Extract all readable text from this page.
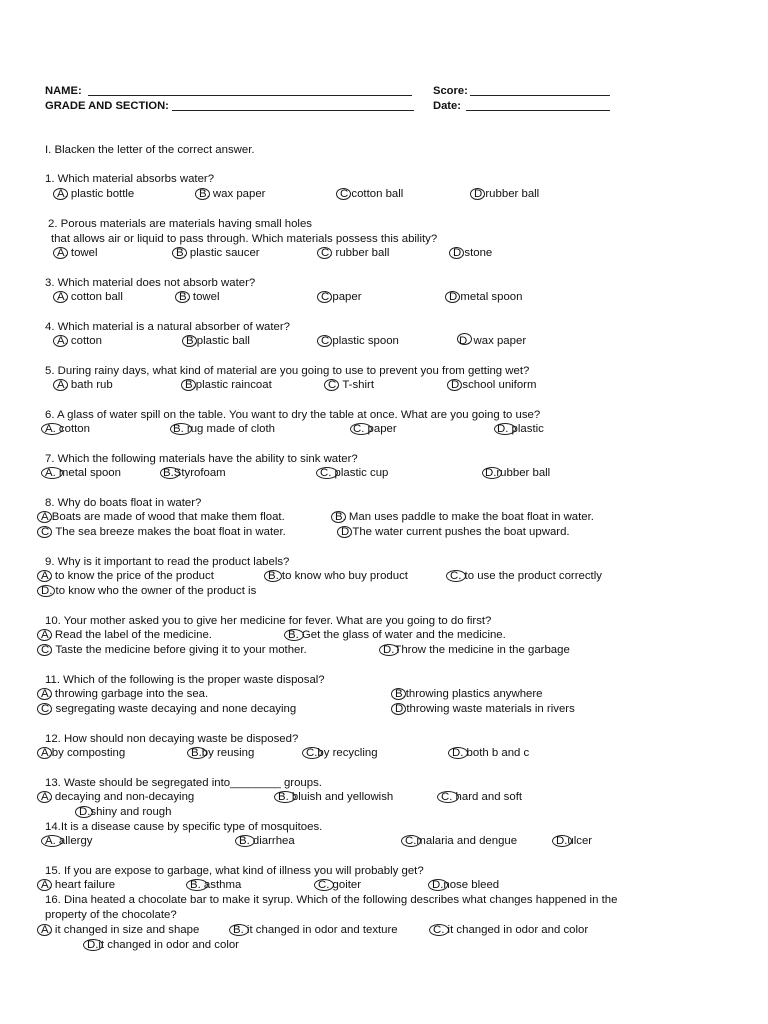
NAME:	Score:
GRADE AND SECTION:	Date:
I. Blacken the letter of the correct answer.
1. Which material absorbs water?
A. plastic bottle	B. wax paper	C.cotton ball	D.rubber ball
2. Porous materials are materials having small holes
that allows air or liquid to pass through. Which materials possess this ability?
A. towel	B. plastic saucer	C. rubber ball	D.stone
3. Which material does not absorb water?
A. cotton ball	B. towel	C.paper	D.metal spoon
4. Which material is a natural absorber of water?
A. cotton	B.plastic ball	C.plastic spoon	D. wax paper
5. During rainy days, what kind of material are you going to use to prevent you from getting wet?
A. bath rub	B.plastic raincoat	C. T-shirt	D.school uniform
6. A glass of water spill on the table. You want to dry the table at once. What are you going to use?
A. cotton	B. rug made of cloth	C. paper	D. plastic
7. Which the following materials have the ability to sink water?
A. metal spoon	B.Styrofoam	C. plastic cup	D.rubber ball
8. Why do boats float in water?
A.Boats are made of wood that make them float.	B. Man uses paddle to make the boat float in water.
C. The sea breeze makes the boat float in water.	D.The water current pushes the boat upward.
9. Why is it important to read the product labels?
A. to know the price of the product	B. to know who buy product	C. to use the product correctly
D. to know who the owner of the product is
10. Your mother asked you to give her medicine for fever. What are you going to do first?
A. Read the label of the medicine.	B. Get the glass of water and the medicine.
C. Taste the medicine before giving it to your mother.	D.Throw the medicine in the garbage
11. Which of the following is the proper waste disposal?
A. throwing garbage into the sea.	B.throwing plastics anywhere
C. segregating waste decaying and none decaying	D.throwing waste materials in rivers
12. How should non decaying waste be disposed?
A.by composting	B.by reusing	C.by recycling	D. both b and c
13. Waste should be segregated into________ groups.
A. decaying and non-decaying	B. bluish and yellowish	C. hard and soft
D.shiny and rough
14.It is a disease cause by specific type of mosquitoes.
A. allergy	B. diarrhea	C.malaria and dengue	D.ulcer
15. If you are expose to garbage, what kind of illness you will probably get?
A. heart failure	B. asthma	C. goiter	D.nose bleed
16. Dina heated a chocolate bar to make it syrup. Which of the following describes what changes happened in the
property of the chocolate?
A. it changed in size and shape	B. it changed in odor and texture	C. it changed in odor and color
D.it changed in odor and color
